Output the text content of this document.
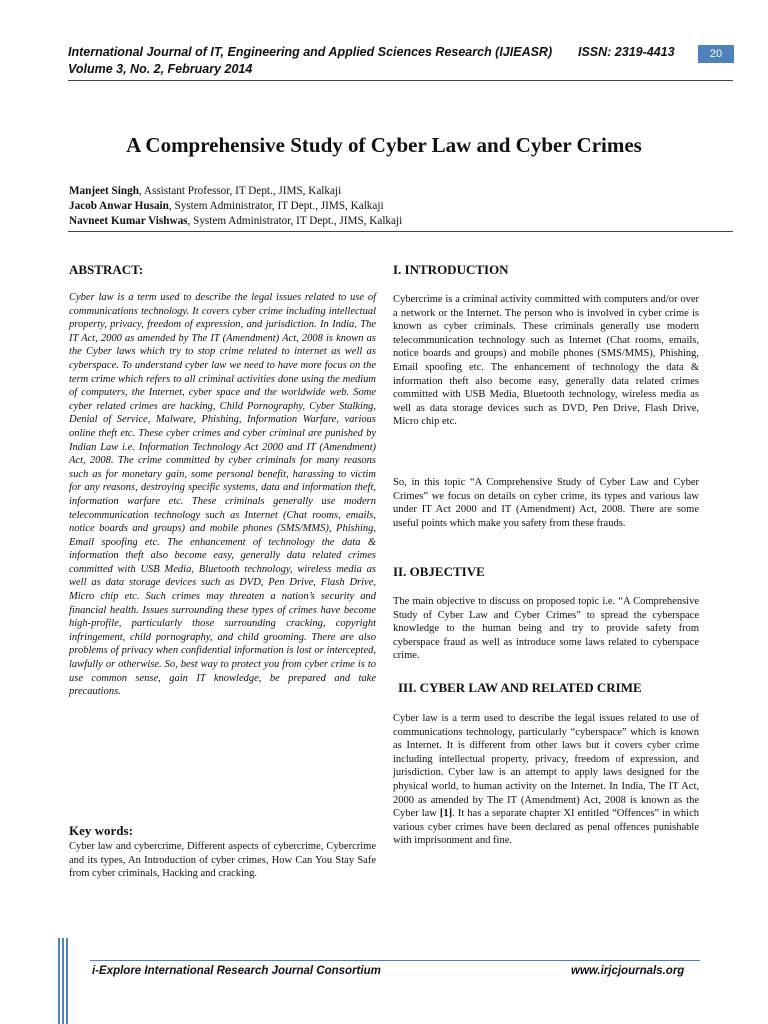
International Journal of IT, Engineering and Applied Sciences Research (IJIEASR)	ISSN: 2319-4413
Volume 3, No. 2, February 2014
20
A Comprehensive Study of Cyber Law and Cyber Crimes
Manjeet Singh, Assistant Professor, IT Dept., JIMS, Kalkaji
Jacob Anwar Husain, System Administrator, IT Dept., JIMS, Kalkaji
Navneet Kumar Vishwas, System Administrator, IT Dept., JIMS, Kalkaji
ABSTRACT:
Cyber law is a term used to describe the legal issues related to use of communications technology. It covers cyber crime including intellectual property, privacy, freedom of expression, and jurisdiction. In India, The IT Act, 2000 as amended by The IT (Amendment) Act, 2008 is known as the Cyber laws which try to stop crime related to internet as well as cyberspace. To understand cyber law we need to have more focus on the term crime which refers to all criminal activities done using the medium of computers, the Internet, cyber space and the worldwide web. Some cyber related crimes are hacking, Child Pornography, Cyber Stalking, Denial of Service, Malware, Phishing, Information Warfare, various online theft etc. These cyber crimes and cyber criminal are punished by Indian Law i.e. Information Technology Act 2000 and IT (Amendment) Act, 2008. The crime committed by cyber criminals for many reasons such as for monetary gain, some personal benefit, harassing to victim for any reasons, destroying specific systems, data and information theft, information warfare etc. These criminals generally use modern telecommunication technology such as Internet (Chat rooms, emails, notice boards and groups) and mobile phones (SMS/MMS), Phishing, Email spoofing etc. The enhancement of technology the data & information theft also become easy, generally data related crimes committed with USB Media, Bluetooth technology, wireless media as well as data storage devices such as DVD, Pen Drive, Flash Drive, Micro chip etc. Such crimes may threaten a nation’s security and financial health. Issues surrounding these types of crimes have become high-profile, particularly those surrounding cracking, copyright infringement, child pornography, and child grooming. There are also problems of privacy when confidential information is lost or intercepted, lawfully or otherwise. So, best way to protect you from cyber crime is to use common sense, gain IT knowledge, be prepared and take precautions.
Key words:
Cyber law and cybercrime, Different aspects of cybercrime, Cybercrime and its types, An Introduction of cyber crimes, How Can You Stay Safe from cyber criminals, Hacking and cracking.
I. INTRODUCTION
Cybercrime is a criminal activity committed with computers and/or over a network or the Internet. The person who is involved in cyber crime is known as cyber criminals. These criminals generally use modern telecommunication technology such as Internet (Chat rooms, emails, notice boards and groups) and mobile phones (SMS/MMS), Phishing, Email spoofing etc. The enhancement of technology the data & information theft also become easy, generally data related crimes committed with USB Media, Bluetooth technology, wireless media as well as data storage devices such as DVD, Pen Drive, Flash Drive, Micro chip etc.
So, in this topic “A Comprehensive Study of Cyber Law and Cyber Crimes” we focus on details on cyber crime, its types and various law under IT Act 2000 and IT (Amendment) Act, 2008. There are some useful points which make you safety from these frauds.
II. OBJECTIVE
The main objective to discuss on proposed topic i.e. “A Comprehensive Study of Cyber Law and Cyber Crimes” to spread the cyberspace knowledge to the human being and try to provide safety from cyberspace fraud as well as introduce some laws related to cyberspace crime.
III. CYBER LAW AND RELATED CRIME
Cyber law is a term used to describe the legal issues related to use of communications technology, particularly “cyberspace” which is known as Internet. It is different from other laws but it covers cyber crime including intellectual property, privacy, freedom of expression, and jurisdiction. Cyber law is an attempt to apply laws designed for the physical world, to human activity on the Internet. In India, The IT Act, 2000 as amended by The IT (Amendment) Act, 2008 is known as the Cyber law [1]. It has a separate chapter XI entitled “Offences” in which various cyber crimes have been declared as penal offences punishable with imprisonment and fine.
i-Explore International Research Journal Consortium	www.irjcjournals.org
